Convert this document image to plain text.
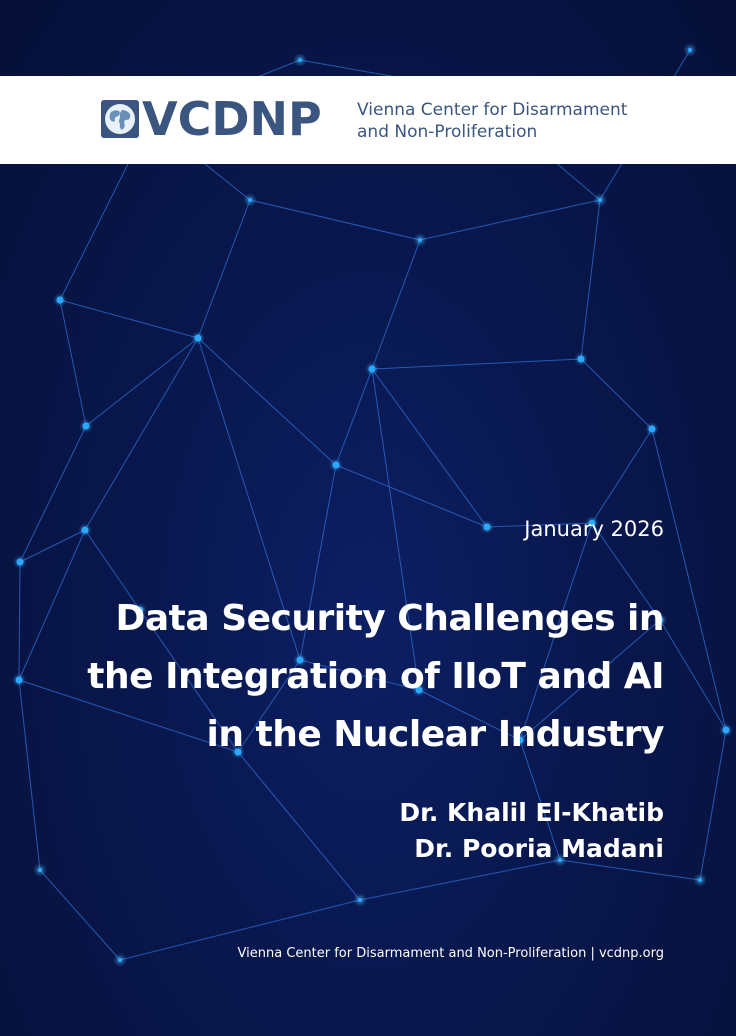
VCDNP Vienna Center for Disarmament
and Non-Proliferation
January 2026
Data Security Challenges in
the Integration of IIoT and AI
in the Nuclear Industry
Dr. Khalil El-Khatib
Dr. Pooria Madani
Vienna Center for Disarmament and Non-Proliferation | vcdnp.org
